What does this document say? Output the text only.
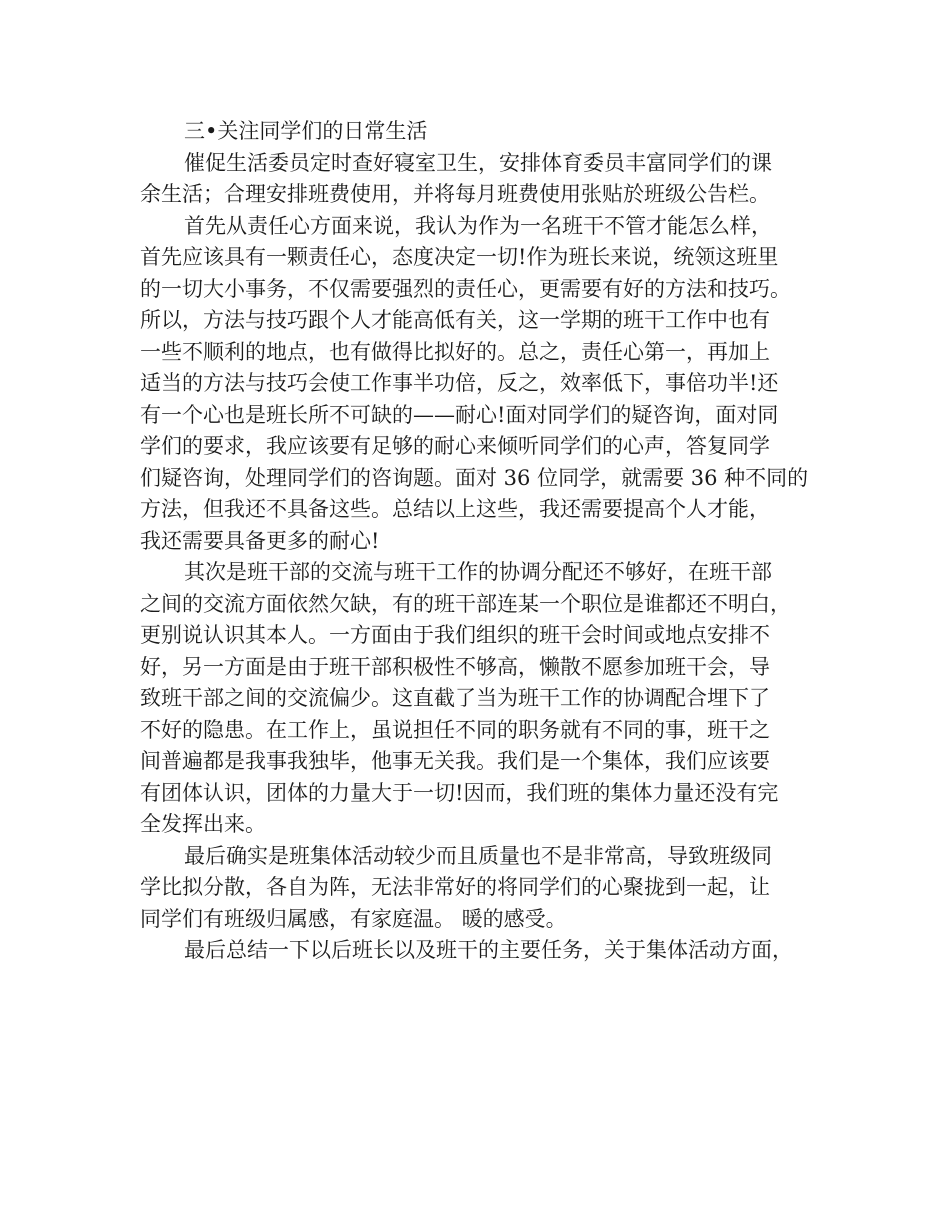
三•关注同学们的日常生活
催促生活委员定时查好寝室卫生，安排体育委员丰富同学们的课
余生活；合理安排班费使用，并将每月班费使用张贴於班级公告栏。
首先从责任心方面来说，我认为作为一名班干不管才能怎么样，
首先应该具有一颗责任心，态度决定一切!作为班长来说，统领这班里
的一切大小事务，不仅需要强烈的责任心，更需要有好的方法和技巧。
所以，方法与技巧跟个人才能高低有关，这一学期的班干工作中也有
一些不顺利的地点，也有做得比拟好的。总之，责任心第一，再加上
适当的方法与技巧会使工作事半功倍，反之，效率低下，事倍功半!还
有一个心也是班长所不可缺的——耐心!面对同学们的疑咨询，面对同
学们的要求，我应该要有足够的耐心来倾听同学们的心声，答复同学
们疑咨询，处理同学们的咨询题。面对 36 位同学，就需要 36 种不同的
方法，但我还不具备这些。总结以上这些，我还需要提高个人才能，
我还需要具备更多的耐心!
其次是班干部的交流与班干工作的协调分配还不够好，在班干部
之间的交流方面依然欠缺，有的班干部连某一个职位是谁都还不明白，
更别说认识其本人。一方面由于我们组织的班干会时间或地点安排不
好，另一方面是由于班干部积极性不够高，懒散不愿参加班干会，导
致班干部之间的交流偏少。这直截了当为班干工作的协调配合埋下了
不好的隐患。在工作上，虽说担任不同的职务就有不同的事，班干之
间普遍都是我事我独毕，他事无关我。我们是一个集体，我们应该要
有团体认识，团体的力量大于一切!因而，我们班的集体力量还没有完
全发挥出来。
最后确实是班集体活动较少而且质量也不是非常高，导致班级同
学比拟分散，各自为阵，无法非常好的将同学们的心聚拢到一起，让
同学们有班级归属感，有家庭温。 暖的感受。
最后总结一下以后班长以及班干的主要任务，关于集体活动方面，
